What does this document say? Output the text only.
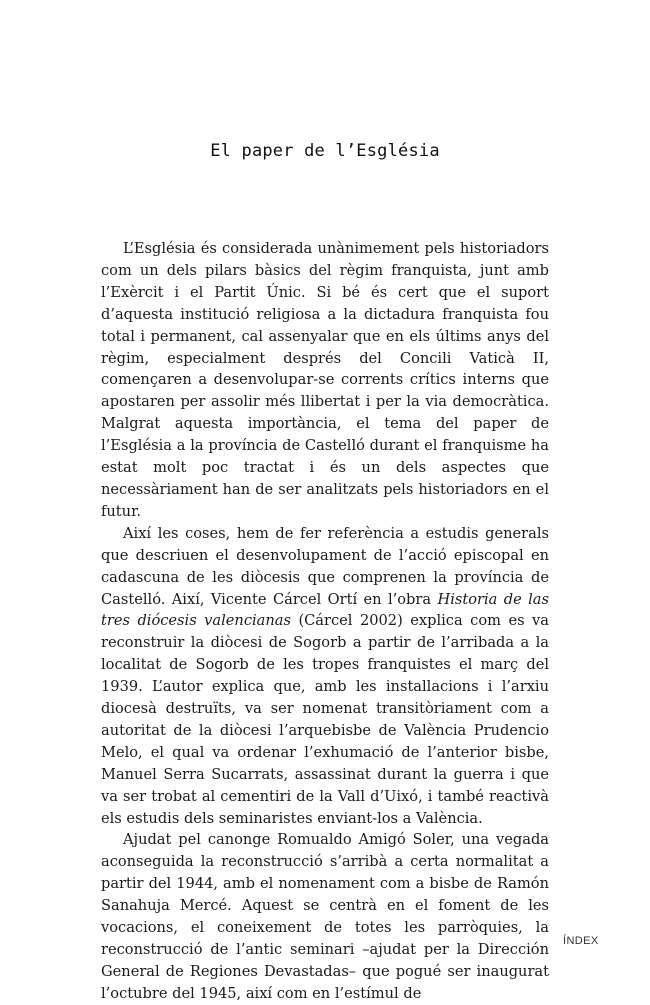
El paper de l’Església

L’Església és considerada unànimement pels historiadors com un dels pilars bàsics del règim franquista, junt amb l’Exèrcit i el Partit Únic. Si bé és cert que el suport d’aquesta institució religiosa a la dictadura franquista fou total i permanent, cal assenyalar que en els últims anys del règim, especialment després del Concili Vaticà II, començaren a desenvolupar-se corrents crítics interns que apostaren per assolir més llibertat i per la via democràtica. Malgrat aquesta importància, el tema del paper de l’Església a la província de Castelló durant el franquisme ha estat molt poc tractat i és un dels aspectes que necessàriament han de ser analitzats pels historiadors en el futur.

Així les coses, hem de fer referència a estudis generals que descriuen el desenvolupament de l’acció episcopal en cadascuna de les diòcesis que comprenen la província de Castelló. Així, Vicente Cárcel Ortí en l’obra Historia de las tres diócesis valencianas (Cárcel 2002) explica com es va reconstruir la diòcesi de Sogorb a partir de l’arribada a la localitat de Sogorb de les tropes franquistes el març del 1939. L’autor explica que, amb les installacions i l’arxiu diocesà destruïts, va ser nomenat transitòriament com a autoritat de la diòcesi l’arquebisbe de València Prudencio Melo, el qual va ordenar l’exhumació de l’anterior bisbe, Manuel Serra Sucarrats, assassinat durant la guerra i que va ser trobat al cementiri de la Vall d’Uixó, i també reactivà els estudis dels seminaristes enviant-los a València.

Ajudat pel canonge Romualdo Amigó Soler, una vegada aconseguida la reconstrucció s’arribà a certa normalitat a partir del 1944, amb el nomenament com a bisbe de Ramón Sanahuja Mercé. Aquest se centrà en el foment de les vocacions, el coneixement de totes les parròquies, la reconstrucció de l’antic seminari –ajudat per la Dirección General de Regiones Devastadas– que pogué ser inaugurat l’octubre del 1945, així com en l’estímul de

ÍNDEX
